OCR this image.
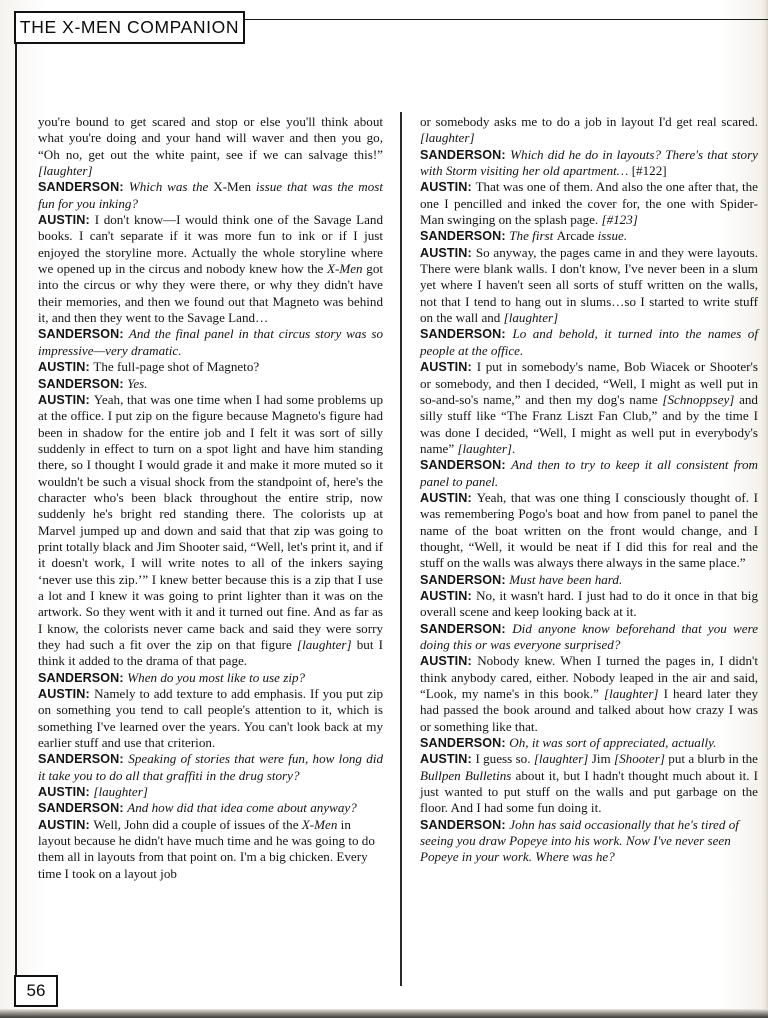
THE X-MEN COMPANION

you're bound to get scared and stop or else you'll think about what you're doing and your hand will waver and then you go, “Oh no, get out the white paint, see if we can salvage this!” [laughter]

SANDERSON: Which was the X-Men issue that was the most fun for you inking?

AUSTIN: I don't know—I would think one of the Savage Land books. I can't separate if it was more fun to ink or if I just enjoyed the storyline more. Actually the whole storyline where we opened up in the circus and nobody knew how the X-Men got into the circus or why they were there, or why they didn't have their memories, and then we found out that Magneto was behind it, and then they went to the Savage Land…

SANDERSON: And the final panel in that circus story was so impressive—very dramatic.

AUSTIN: The full-page shot of Magneto?

SANDERSON: Yes.

AUSTIN: Yeah, that was one time when I had some problems up at the office. I put zip on the figure because Magneto's figure had been in shadow for the entire job and I felt it was sort of silly suddenly in effect to turn on a spot light and have him standing there, so I thought I would grade it and make it more muted so it wouldn't be such a visual shock from the standpoint of, here's the character who's been black throughout the entire strip, now suddenly he's bright red standing there. The colorists up at Marvel jumped up and down and said that that zip was going to print totally black and Jim Shooter said, “Well, let's print it, and if it doesn't work, I will write notes to all of the inkers saying ‘never use this zip.’” I knew better because this is a zip that I use a lot and I knew it was going to print lighter than it was on the artwork. So they went with it and it turned out fine. And as far as I know, the colorists never came back and said they were sorry they had such a fit over the zip on that figure [laughter] but I think it added to the drama of that page.

SANDERSON: When do you most like to use zip?

AUSTIN: Namely to add texture to add emphasis. If you put zip on something you tend to call people's attention to it, which is something I've learned over the years. You can't look back at my earlier stuff and use that criterion.

SANDERSON: Speaking of stories that were fun, how long did it take you to do all that graffiti in the drug story?

AUSTIN: [laughter]

SANDERSON: And how did that idea come about anyway?

AUSTIN: Well, John did a couple of issues of the X-Men in layout because he didn't have much time and he was going to do them all in layouts from that point on. I'm a big chicken. Every time I took on a layout job

or somebody asks me to do a job in layout I'd get real scared. [laughter]

SANDERSON: Which did he do in layouts? There's that story with Storm visiting her old apartment… [#122]

AUSTIN: That was one of them. And also the one after that, the one I pencilled and inked the cover for, the one with Spider-Man swinging on the splash page. [#123]

SANDERSON: The first Arcade issue.

AUSTIN: So anyway, the pages came in and they were layouts. There were blank walls. I don't know, I've never been in a slum yet where I haven't seen all sorts of stuff written on the walls, not that I tend to hang out in slums…so I started to write stuff on the wall and [laughter]

SANDERSON: Lo and behold, it turned into the names of people at the office.

AUSTIN: I put in somebody's name, Bob Wiacek or Shooter's or somebody, and then I decided, “Well, I might as well put in so-and-so's name,” and then my dog's name [Schnoppsey] and silly stuff like “The Franz Liszt Fan Club,” and by the time I was done I decided, “Well, I might as well put in everybody's name” [laughter].

SANDERSON: And then to try to keep it all consistent from panel to panel.

AUSTIN: Yeah, that was one thing I consciously thought of. I was remembering Pogo's boat and how from panel to panel the name of the boat written on the front would change, and I thought, “Well, it would be neat if I did this for real and the stuff on the walls was always there always in the same place.”

SANDERSON: Must have been hard.

AUSTIN: No, it wasn't hard. I just had to do it once in that big overall scene and keep looking back at it.

SANDERSON: Did anyone know beforehand that you were doing this or was everyone surprised?

AUSTIN: Nobody knew. When I turned the pages in, I didn't think anybody cared, either. Nobody leaped in the air and said, “Look, my name's in this book.” [laughter] I heard later they had passed the book around and talked about how crazy I was or something like that.

SANDERSON: Oh, it was sort of appreciated, actually.

AUSTIN: I guess so. [laughter] Jim [Shooter] put a blurb in the Bullpen Bulletins about it, but I hadn't thought much about it. I just wanted to put stuff on the walls and put garbage on the floor. And I had some fun doing it.

SANDERSON: John has said occasionally that he's tired of seeing you draw Popeye into his work. Now I've never seen Popeye in your work. Where was he?

56
